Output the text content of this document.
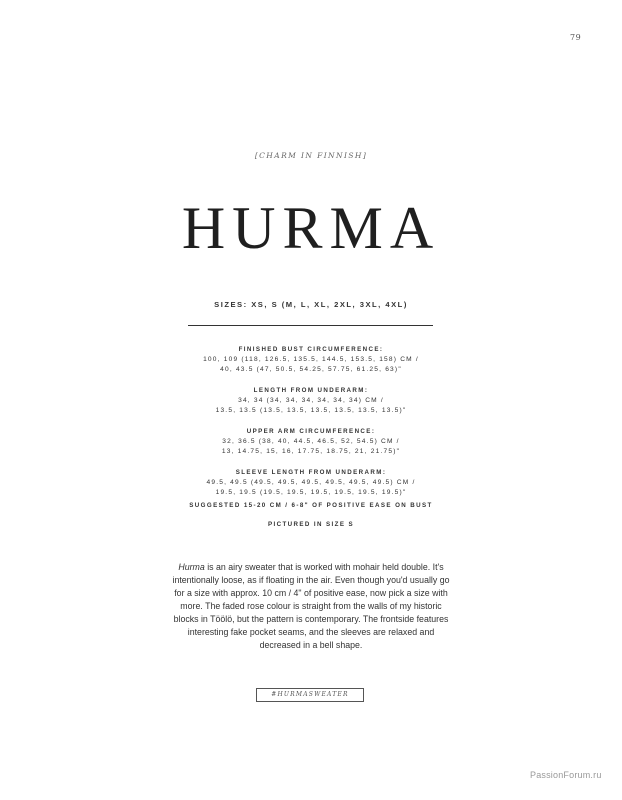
79
[CHARM IN FINNISH]
HURMA
SIZES: XS, S (M, L, XL, 2XL, 3XL, 4XL)
FINISHED BUST CIRCUMFERENCE:
100, 109 (118, 126.5, 135.5, 144.5, 153.5, 158) CM /
40, 43.5 (47, 50.5, 54.25, 57.75, 61.25, 63)"
LENGTH FROM UNDERARM:
34, 34 (34, 34, 34, 34, 34, 34) CM /
13.5, 13.5 (13.5, 13.5, 13.5, 13.5, 13.5, 13.5)"
UPPER ARM CIRCUMFERENCE:
32, 36.5 (38, 40, 44.5, 46.5, 52, 54.5) CM /
13, 14.75, 15, 16, 17.75, 18.75, 21, 21.75)"
SLEEVE LENGTH FROM UNDERARM:
49.5, 49.5 (49.5, 49.5, 49.5, 49.5, 49.5, 49.5) CM /
19.5, 19.5 (19.5, 19.5, 19.5, 19.5, 19.5, 19.5)"
SUGGESTED 15-20 CM / 6-8" OF POSITIVE EASE ON BUST
PICTURED IN SIZE S
Hurma is an airy sweater that is worked with mohair held double. It's intentionally loose, as if floating in the air. Even though you'd usually go for a size with approx. 10 cm / 4" of positive ease, now pick a size with more. The faded rose colour is straight from the walls of my historic blocks in Töölö, but the pattern is contemporary. The frontside features interesting fake pocket seams, and the sleeves are relaxed and decreased in a bell shape.
#HURMASWEATER
PassionForum.ru
